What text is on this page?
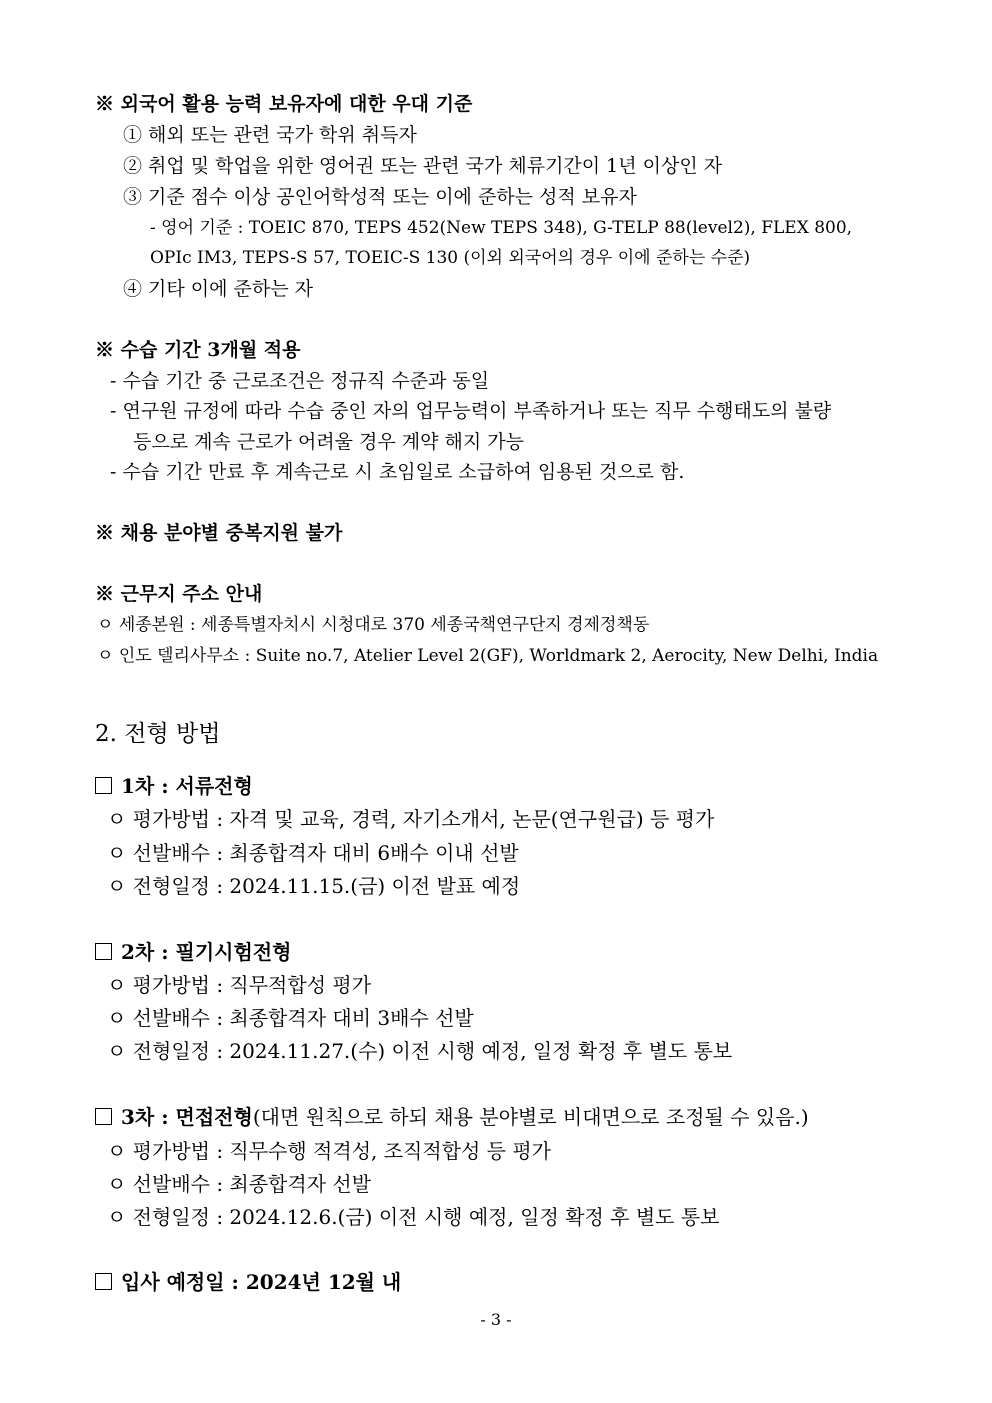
※ 외국어 활용 능력 보유자에 대한 우대 기준
① 해외 또는 관련 국가 학위 취득자
② 취업 및 학업을 위한 영어권 또는 관련 국가 체류기간이 1년 이상인 자
③ 기준 점수 이상 공인어학성적 또는 이에 준하는 성적 보유자
- 영어 기준 : TOEIC 870, TEPS 452(New TEPS 348), G-TELP 88(level2), FLEX 800,
OPIc IM3, TEPS-S 57, TOEIC-S 130 (이외 외국어의 경우 이에 준하는 수준)
④ 기타 이에 준하는 자
※ 수습 기간 3개월 적용
- 수습 기간 중 근로조건은 정규직 수준과 동일
- 연구원 규정에 따라 수습 중인 자의 업무능력이 부족하거나 또는 직무 수행태도의 불량
등으로 계속 근로가 어려울 경우 계약 해지 가능
- 수습 기간 만료 후 계속근로 시 초임일로 소급하여 임용된 것으로 함.
※ 채용 분야별 중복지원 불가
※ 근무지 주소 안내
ㅇ 세종본원 : 세종특별자치시 시청대로 370 세종국책연구단지 경제정책동
ㅇ 인도 델리사무소 : Suite no.7, Atelier Level 2(GF), Worldmark 2, Aerocity, New Delhi, India
2. 전형 방법
1차 : 서류전형
ㅇ 평가방법 : 자격 및 교육, 경력, 자기소개서, 논문(연구원급) 등 평가
ㅇ 선발배수 : 최종합격자 대비 6배수 이내 선발
ㅇ 전형일정 : 2024.11.15.(금) 이전 발표 예정
2차 : 필기시험전형
ㅇ 평가방법 : 직무적합성 평가
ㅇ 선발배수 : 최종합격자 대비 3배수 선발
ㅇ 전형일정 : 2024.11.27.(수) 이전 시행 예정, 일정 확정 후 별도 통보
3차 : 면접전형(대면 원칙으로 하되 채용 분야별로 비대면으로 조정될 수 있음.)
ㅇ 평가방법 : 직무수행 적격성, 조직적합성 등 평가
ㅇ 선발배수 : 최종합격자 선발
ㅇ 전형일정 : 2024.12.6.(금) 이전 시행 예정, 일정 확정 후 별도 통보
입사 예정일 : 2024년 12월 내
- 3 -
